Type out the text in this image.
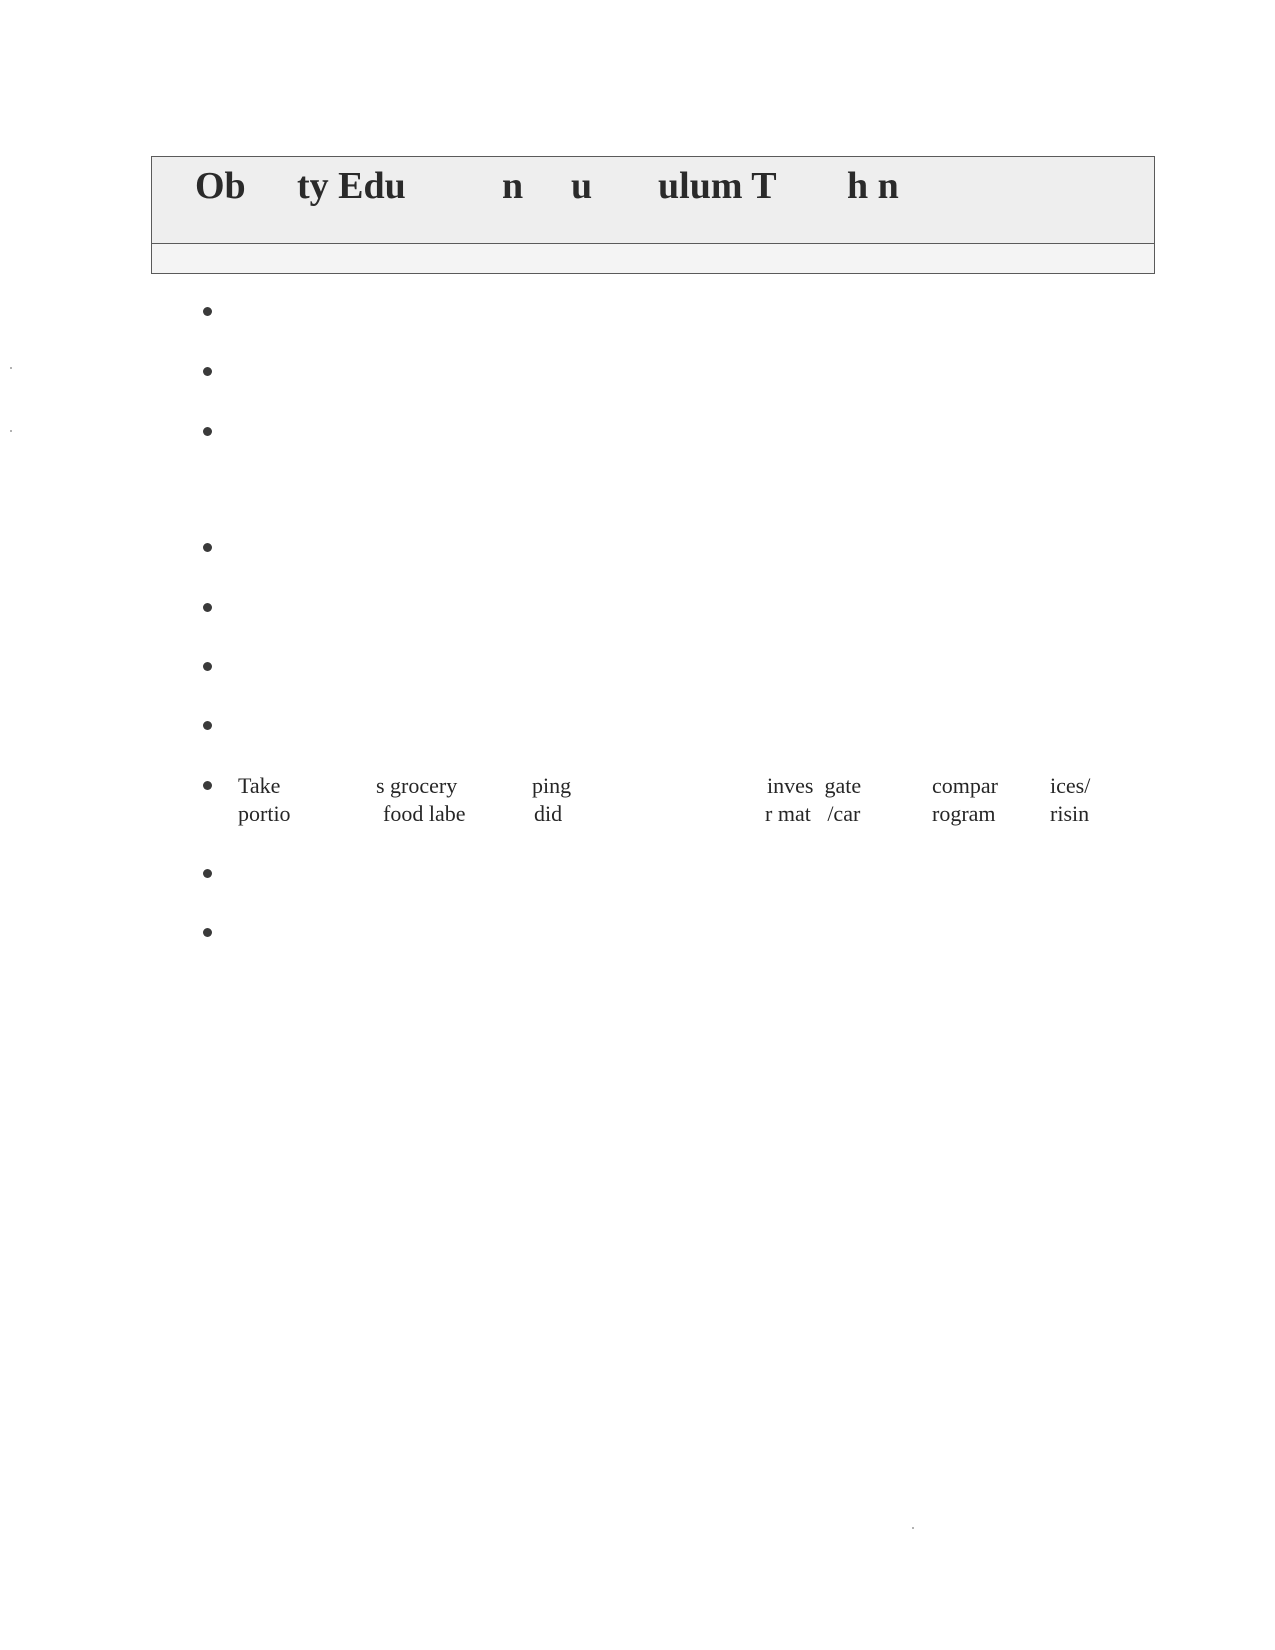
Ob ty Edu	n u ulum T h n
Take	s grocery	ping	inves  gate	compar ices/
portio	food labe	did	r mat   /car	rogram risin
